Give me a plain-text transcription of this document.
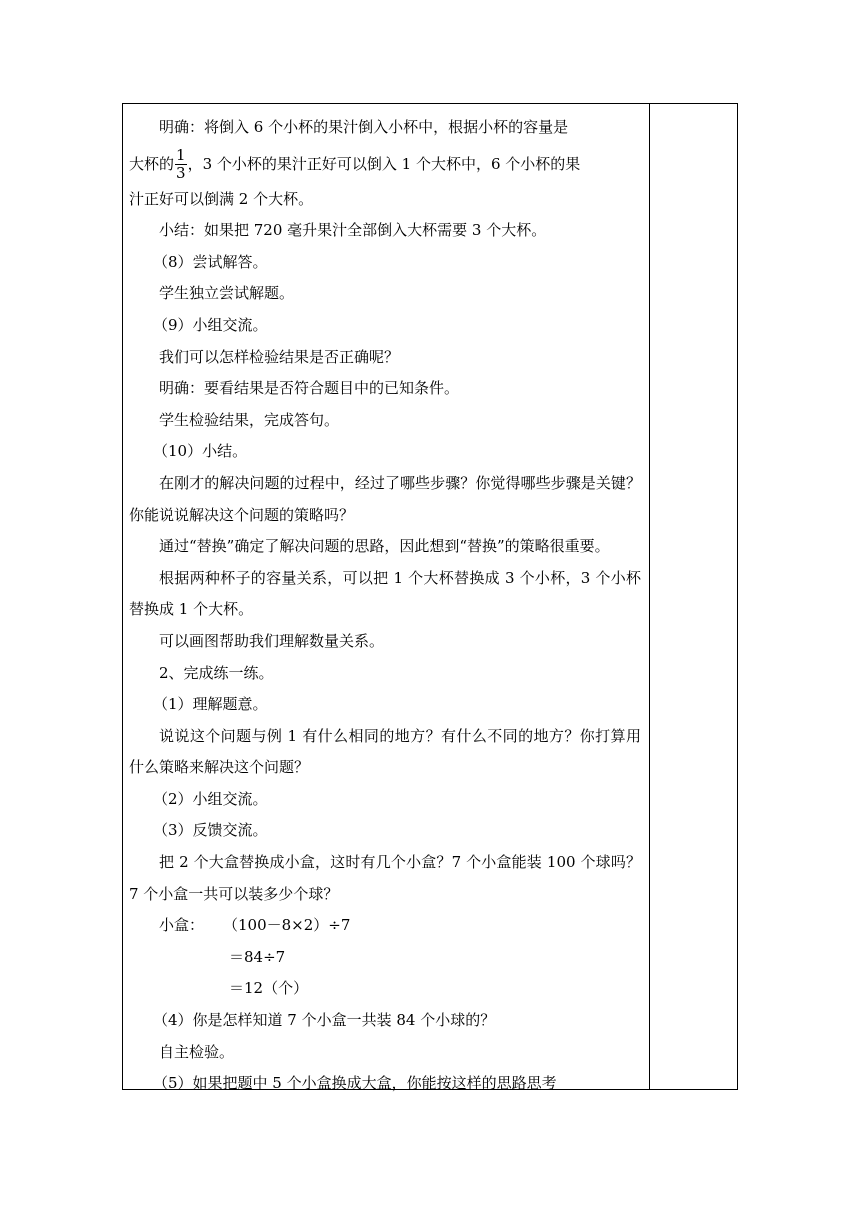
明确：将倒入 6 个小杯的果汁倒入小杯中，根据小杯的容量是

大杯的 $\frac{1}{3}$ ，3 个小杯的果汁正好可以倒入 1 个大杯中，6 个小杯的果

汁正好可以倒满 2 个大杯。

小结：如果把 720 毫升果汁全部倒入大杯需要 3 个大杯。

（8）尝试解答。

学生独立尝试解题。

（9）小组交流。

我们可以怎样检验结果是否正确呢？

明确：要看结果是否符合题目中的已知条件。

学生检验结果，完成答句。

（10）小结。

在刚才的解决问题的过程中，经过了哪些步骤？你觉得哪些步骤是关键？你能说说解决这个问题的策略吗？

通过“替换”确定了解决问题的思路，因此想到“替换”的策略很重要。

根据两种杯子的容量关系，可以把 1 个大杯替换成 3 个小杯，3 个小杯替换成 1 个大杯。

可以画图帮助我们理解数量关系。

2、完成练一练。

（1）理解题意。

说说这个问题与例 1 有什么相同的地方？有什么不同的地方？你打算用什么策略来解决这个问题？

（2）小组交流。

（3）反馈交流。

把 2 个大盒替换成小盒，这时有几个小盒？7 个小盒能装 100 个球吗？7 个小盒一共可以装多少个球？

小盒： （100－8×2）÷7

＝84÷7

＝12（个）

（4）你是怎样知道 7 个小盒一共装 84 个小球的？

自主检验。

（5）如果把题中 5 个小盒换成大盒，你能按这样的思路思考
